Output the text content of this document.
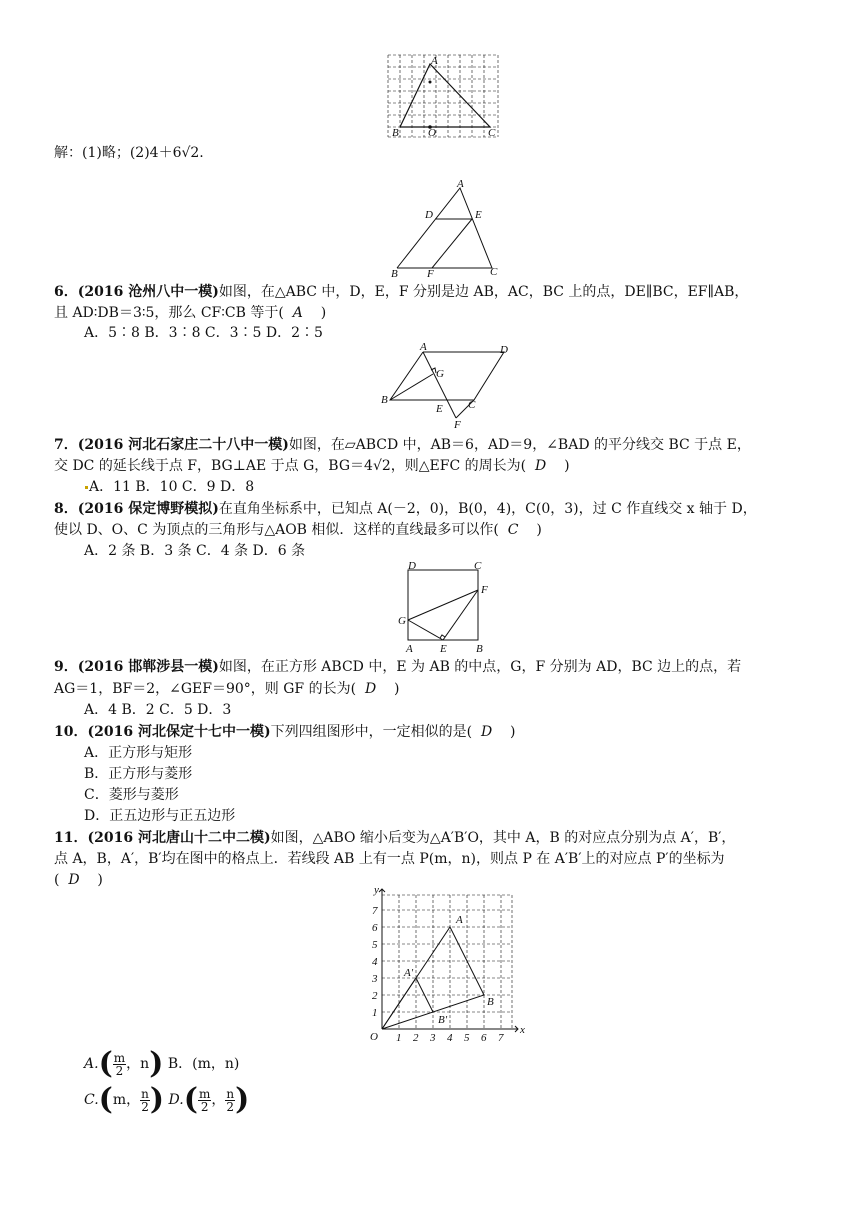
A
B	O	C
解：(1)略；(2)4＋6√2.
A
D	E
B	F	C
6．(2016 沧州八中一模)如图，在△ABC 中，D，E，F 分别是边 AB，AC，BC 上的点，DE∥BC，EF∥AB，
且 AD∶DB＝3∶5，那么 CF∶CB 等于( A )
A．5∶8 B．3∶8 C．3∶5 D．2∶5
A	D
G
B
E C
F
7．(2016 河北石家庄二十八中一模)如图，在▱ABCD 中，AB＝6，AD＝9，∠BAD 的平分线交 BC 于点 E，
交 DC 的延长线于点 F，BG⊥AE 于点 G，BG＝4√2，则△EFC 的周长为( D )
A．11 B．10 C．9 D．8
8．(2016 保定博野模拟)在直角坐标系中，已知点 A(－2，0)，B(0，4)，C(0，3)，过 C 作直线交 x 轴于 D，
使以 D、O、C 为顶点的三角形与△AOB 相似．这样的直线最多可以作( C )
A．2 条 B．3 条 C．4 条 D．6 条
D	C
F
G
A E	B
9．(2016 邯郸涉县一模)如图，在正方形 ABCD 中，E 为 AB 的中点，G，F 分别为 AD，BC 边上的点，若
AG＝1，BF＝2，∠GEF＝90°，则 GF 的长为( D )
A．4 B．2 C．5 D．3
10．(2016 河北保定十七中一模)下列四组图形中，一定相似的是( D )
A．正方形与矩形
B．正方形与菱形
C．菱形与菱形
D．正五边形与正五边形
11．(2016 河北唐山十二中二模)如图，△ABO 缩小后变为△A′B′O，其中 A，B 的对应点分别为点 A′，B′，
点 A，B，A′，B′均在图中的格点上．若线段 AB 上有一点 P(m，n)，则点 P 在 A′B′上的对应点 P′的坐标为
( D )
y
x
O
1
2
3
4
5
6
7
1 2 3 4 5 6 7
A
A′
B
B′
$A.( \frac{m}{2}$ ，n) B．(m，n)
C.(m， $\frac{n}{2}$ ) $D.( \frac{m}{2}$ ， $\frac{n}{2}$ )
